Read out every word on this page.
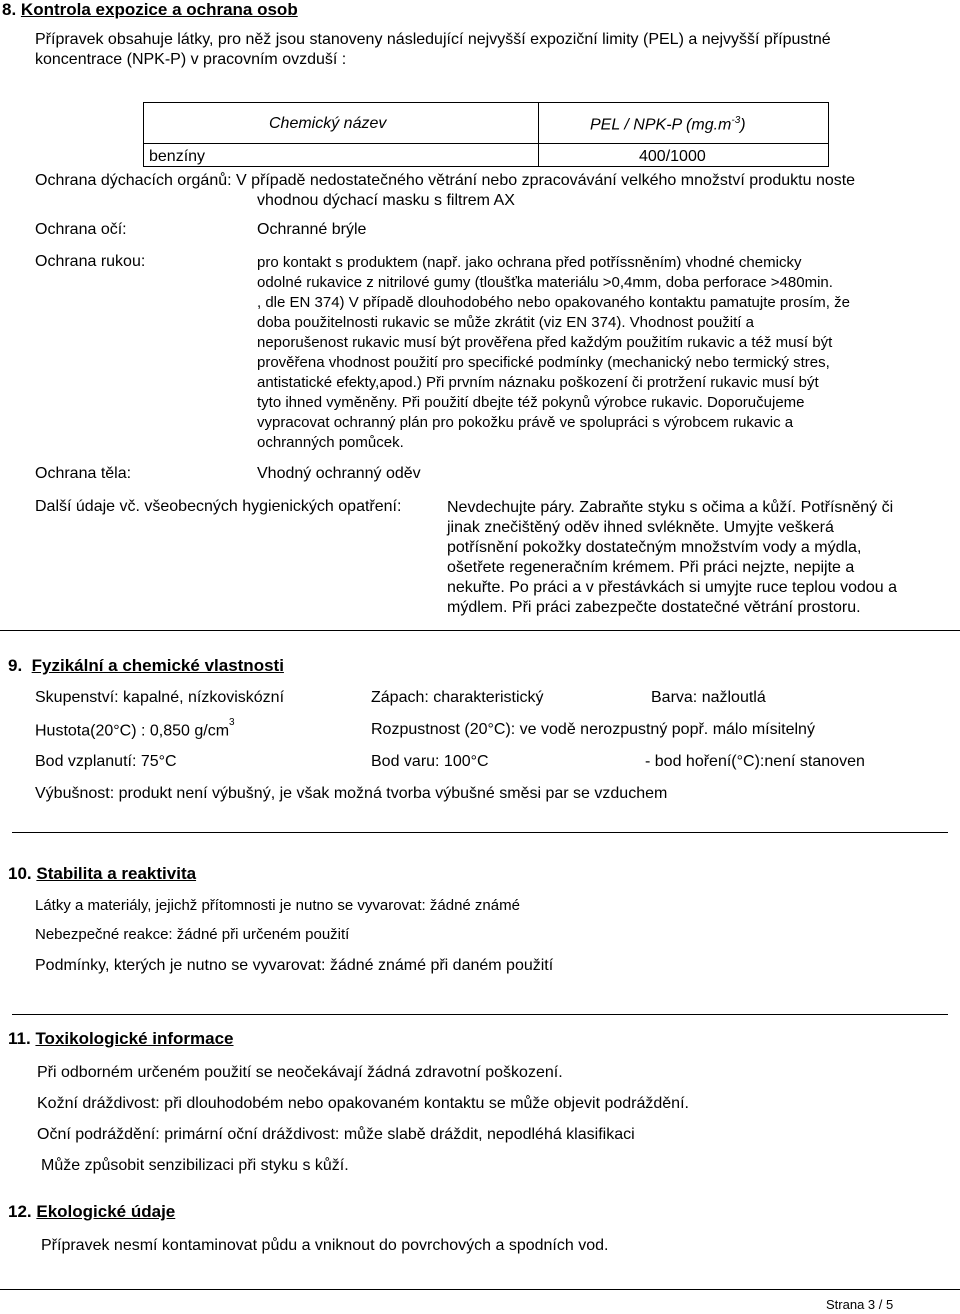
8. Kontrola expozice a ochrana osob
Přípravek obsahuje látky, pro něž jsou stanoveny následující nejvyšší expoziční limity (PEL) a nejvyšší přípustné
koncentrace (NPK-P) v pracovním ovzduší :
Chemický název	PEL / NPK-P $(mg.m^{-3})$
benzíny	400/1000
Ochrana dýchacích orgánů: V případě nedostatečného větrání nebo zpracovávání velkého množství produktu noste
vhodnou dýchací masku s filtrem AX
Ochrana očí:	Ochranné brýle
Ochrana rukou:	pro kontakt s produktem (např. jako ochrana před potříssněním) vhodné chemicky
odolné rukavice z nitrilové gumy (tloušťka materiálu >0,4mm, doba perforace >480min.
, dle EN 374) V případě dlouhodobého nebo opakovaného kontaktu pamatujte prosím, že
doba použitelnosti rukavic se může zkrátit (viz EN 374). Vhodnost použití a
neporušenost rukavic musí být prověřena před každým použitím rukavic a též musí být
prověřena vhodnost použití pro specifické podmínky (mechanický nebo termický stres,
antistatické efekty,apod.) Při prvním náznaku poškození či protržení rukavic musí být
tyto ihned vyměněny. Při použití dbejte též pokynů výrobce rukavic. Doporučujeme
vypracovat ochranný plán pro pokožku právě ve spolupráci s výrobcem rukavic a
ochranných pomůcek.
Ochrana těla:	Vhodný ochranný oděv
Další údaje vč. všeobecných hygienických opatření:	Nevdechujte páry. Zabraňte styku s očima a kůží. Potřísněný či
jinak znečištěný oděv ihned svlékněte. Umyjte veškerá
potřísnění pokožky dostatečným množstvím vody a mýdla,
ošetřete regeneračním krémem. Při práci nejzte, nepijte a
nekuřte. Po práci a v přestávkách si umyjte ruce teplou vodou a
mýdlem. Při práci zabezpečte dostatečné větrání prostoru.
9. Fyzikální a chemické vlastnosti
Skupenství: kapalné, nízkoviskózní	Zápach: charakteristický	Barva: nažloutlá
Hustota(20°C) : 0,850 $g/cm^3$	Rozpustnost (20°C): ve vodě nerozpustný popř. málo mísitelný
Bod vzplanutí: 75°C	Bod varu: 100°C	- bod hoření(°C):není stanoven
Výbušnost: produkt není výbušný, je však možná tvorba výbušné směsi par se vzduchem
10. Stabilita a reaktivita
Látky a materiály, jejichž přítomnosti je nutno se vyvarovat: žádné známé
Nebezpečné reakce: žádné při určeném použití
Podmínky, kterých je nutno se vyvarovat: žádné známé při daném použití
11. Toxikologické informace
Při odborném určeném použití se neočekávají žádná zdravotní poškození.
Kožní dráždivost: při dlouhodobém nebo opakovaném kontaktu se může objevit podráždění.
Oční podráždění: primární oční dráždivost: může slabě dráždit, nepodléhá klasifikaci
Může způsobit senzibilizaci při styku s kůží.
12. Ekologické údaje
Přípravek nesmí kontaminovat půdu a vniknout do povrchových a spodních vod.
Strana 3 / 5
